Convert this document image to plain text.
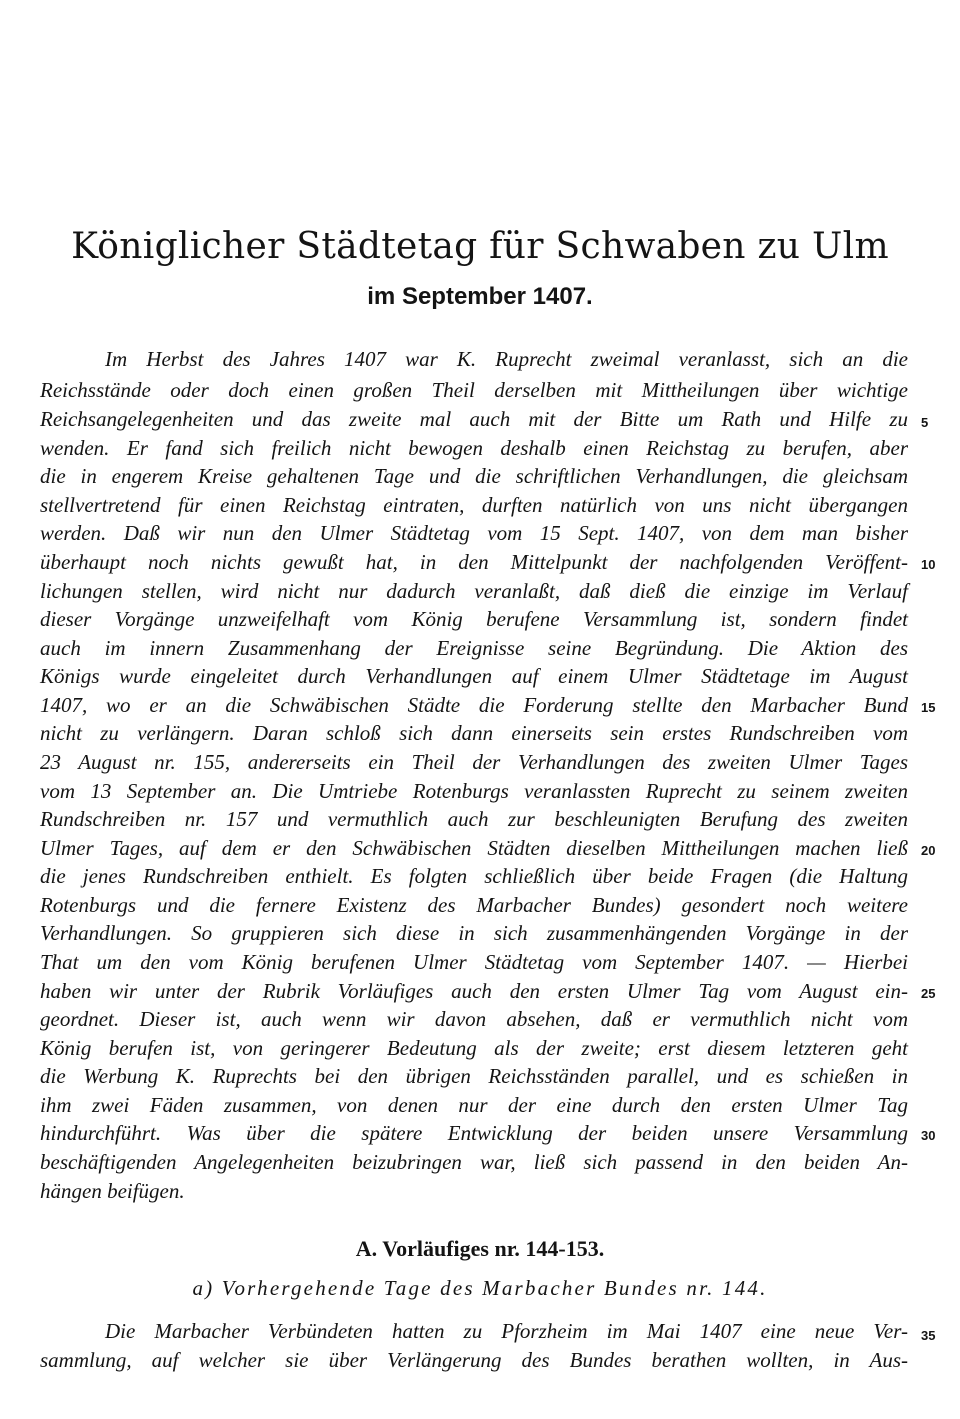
Königlicher Städtetag für Schwaben zu Ulm
im September 1407.
Im Herbst des Jahres 1407 war K. Ruprecht zweimal veranlasst, sich an die
Reichsstände oder doch einen großen Theil derselben mit Mittheilungen über wichtige
Reichsangelegenheiten und das zweite mal auch mit der Bitte um Rath und Hilfe zu
wenden. Er fand sich freilich nicht bewogen deshalb einen Reichstag zu berufen, aber
die in engerem Kreise gehaltenen Tage und die schriftlichen Verhandlungen, die gleichsam
stellvertretend für einen Reichstag eintraten, durften natürlich von uns nicht übergangen
werden. Daß wir nun den Ulmer Städtetag vom 15 Sept. 1407, von dem man bisher
überhaupt noch nichts gewußt hat, in den Mittelpunkt der nachfolgenden Veröffent-
lichungen stellen, wird nicht nur dadurch veranlaßt, daß dieß die einzige im Verlauf
dieser Vorgänge unzweifelhaft vom König berufene Versammlung ist, sondern findet
auch im innern Zusammenhang der Ereignisse seine Begründung. Die Aktion des
Königs wurde eingeleitet durch Verhandlungen auf einem Ulmer Städtetage im August
1407, wo er an die Schwäbischen Städte die Forderung stellte den Marbacher Bund
nicht zu verlängern. Daran schloß sich dann einerseits sein erstes Rundschreiben vom
23 August nr. 155, andererseits ein Theil der Verhandlungen des zweiten Ulmer Tages
vom 13 September an. Die Umtriebe Rotenburgs veranlassten Ruprecht zu seinem zweiten
Rundschreiben nr. 157 und vermuthlich auch zur beschleunigten Berufung des zweiten
Ulmer Tages, auf dem er den Schwäbischen Städten dieselben Mittheilungen machen ließ
die jenes Rundschreiben enthielt. Es folgten schließlich über beide Fragen (die Haltung
Rotenburgs und die fernere Existenz des Marbacher Bundes) gesondert noch weitere
Verhandlungen. So gruppieren sich diese in sich zusammenhängenden Vorgänge in der
That um den vom König berufenen Ulmer Städtetag vom September 1407. — Hierbei
haben wir unter der Rubrik Vorläufiges auch den ersten Ulmer Tag vom August ein-
geordnet. Dieser ist, auch wenn wir davon absehen, daß er vermuthlich nicht vom
König berufen ist, von geringerer Bedeutung als der zweite; erst diesem letzteren geht
die Werbung K. Ruprechts bei den übrigen Reichsständen parallel, und es schießen in
ihm zwei Fäden zusammen, von denen nur der eine durch den ersten Ulmer Tag
hindurchführt. Was über die spätere Entwicklung der beiden unsere Versammlung
beschäftigenden Angelegenheiten beizubringen war, ließ sich passend in den beiden An-
hängen beifügen.
5
10
15
20
25
30
35
A. Vorläufiges nr. 144-153.
a) Vorhergehende Tage des Marbacher Bundes nr. 144.
Die Marbacher Verbündeten hatten zu Pforzheim im Mai 1407 eine neue Ver-
sammlung, auf welcher sie über Verlängerung des Bundes berathen wollten, in Aus-
